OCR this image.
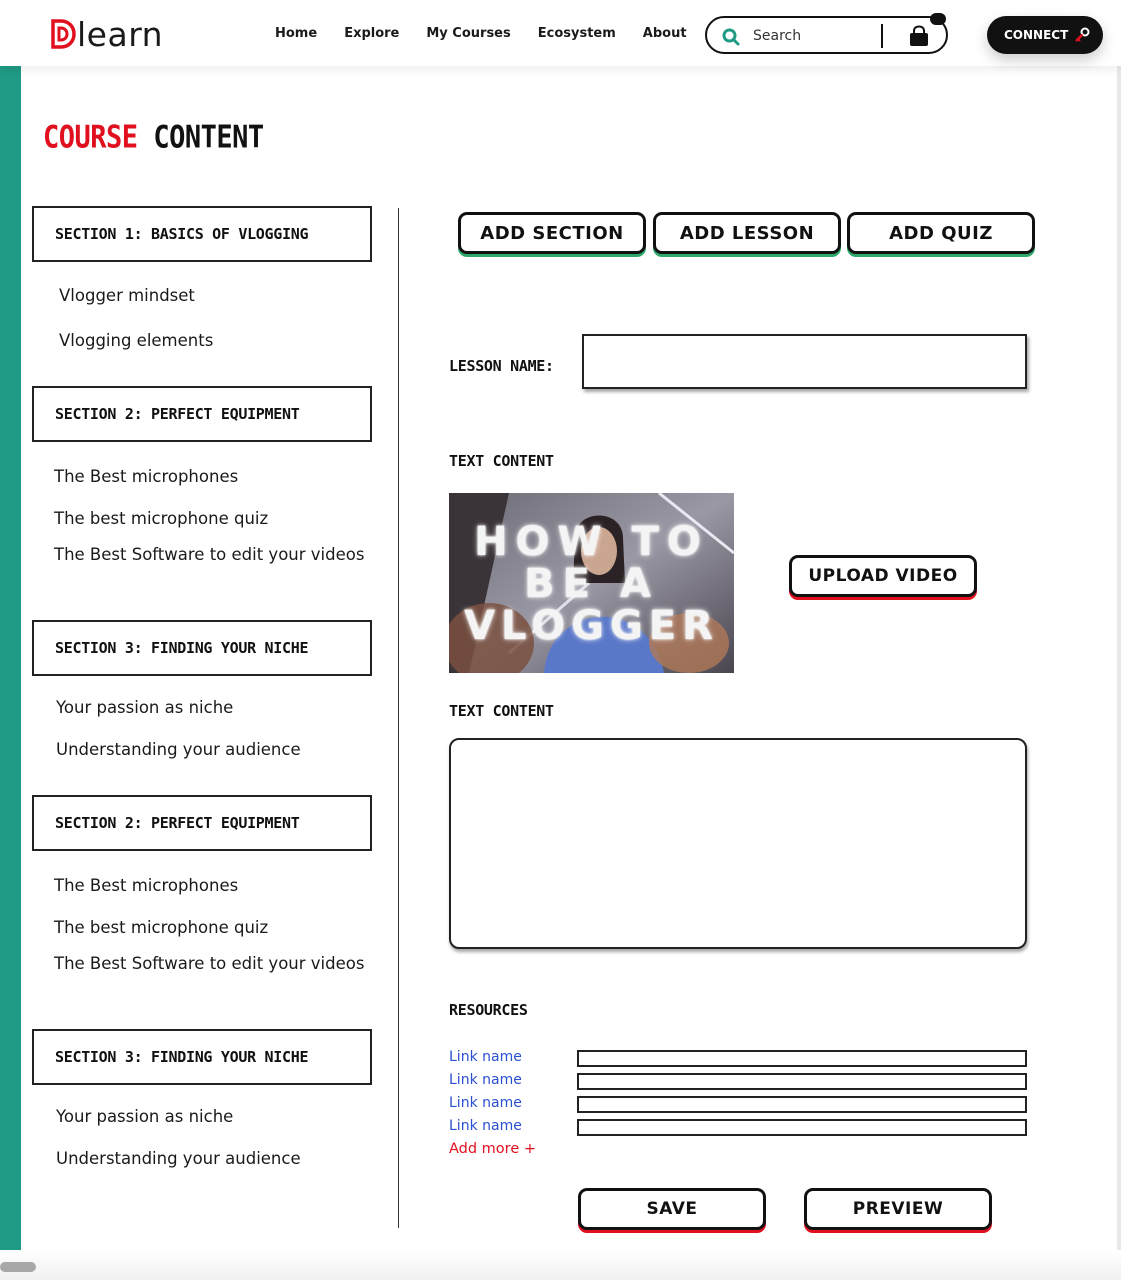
learn	Home Explore My Courses Ecosystem About
Search	CONNECT
COURSE CONTENT
SECTION 1: BASICS OF VLOGGING
Vlogger mindset
Vlogging elements
SECTION 2: PERFECT EQUIPMENT
The Best microphones
The best microphone quiz
The Best Software to edit your videos
SECTION 3: FINDING YOUR NICHE
Your passion as niche
Understanding your audience
SECTION 2: PERFECT EQUIPMENT
The Best microphones
The best microphone quiz
The Best Software to edit your videos
SECTION 3: FINDING YOUR NICHE
Your passion as niche
Understanding your audience
ADD SECTION	ADD LESSON	ADD QUIZ
LESSON NAME:
TEXT CONTENT
HOW TO
BE A
VLOGGER
UPLOAD VIDEO
TEXT CONTENT
RESOURCES
Link name
Link name
Link name
Link name
Add more +
SAVE	PREVIEW
